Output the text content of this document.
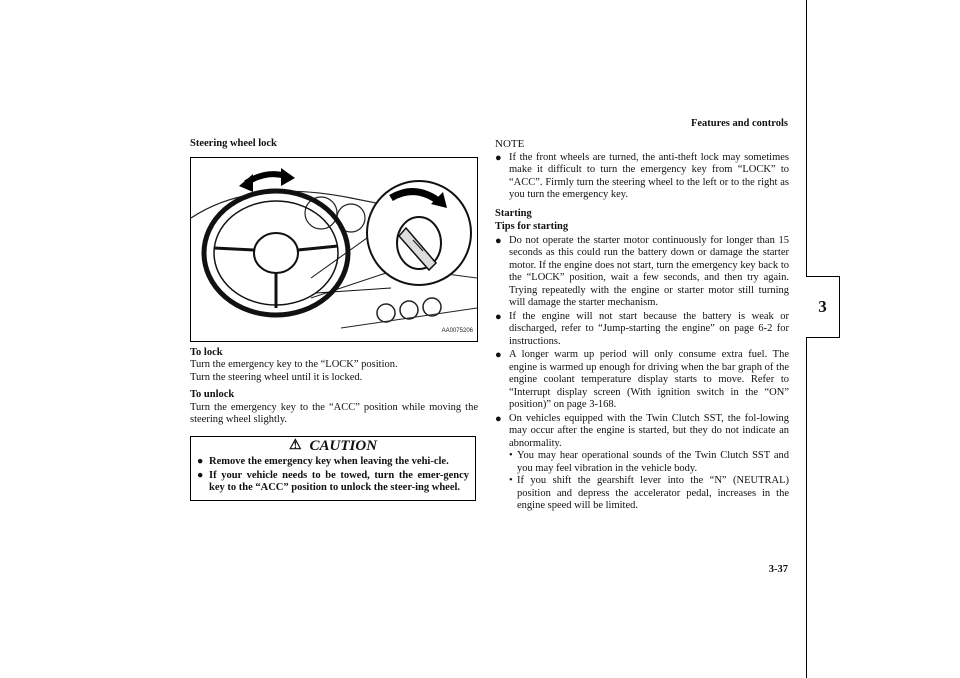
Features and controls
3
Steering wheel lock
AA0075206

To lock

Turn the emergency key to the “LOCK” position.

Turn the steering wheel until it is locked.

To unlock

Turn the emergency key to the “ACC” position while moving the steering wheel slightly.

⚠ CAUTION
● Remove the emergency key when leaving the vehi-cle.
● If your vehicle needs to be towed, turn the emer-gency key to the “ACC” position to unlock the steer-ing wheel.
NOTE
● If the front wheels are turned, the anti-theft lock may sometimes make it difficult to turn the emergency key from “LOCK” to “ACC”. Firmly turn the steering wheel to the left or to the right as you turn the emergency key.
Starting
Tips for starting
● Do not operate the starter motor continuously for longer than 15 seconds as this could run the battery down or damage the starter motor. If the engine does not start, turn the emergency key back to the “LOCK” position, wait a few seconds, and then try again. Trying repeatedly with the engine or starter motor still turning will damage the starter mechanism.
● If the engine will not start because the battery is weak or discharged, refer to “Jump-starting the engine” on page 6-2 for instructions.
● A longer warm up period will only consume extra fuel. The engine is warmed up enough for driving when the bar graph of the engine coolant temperature display starts to move. Refer to “Interrupt display screen (With ignition switch in the “ON” position)” on page 3-168.
● On vehicles equipped with the Twin Clutch SST, the fol-lowing may occur after the engine is started, but they do not indicate an abnormality.
• You may hear operational sounds of the Twin Clutch SST and you may feel vibration in the vehicle body.
• If you shift the gearshift lever into the “N” (NEUTRAL) position and depress the accelerator pedal, increases in the engine speed will be limited.
3-37
